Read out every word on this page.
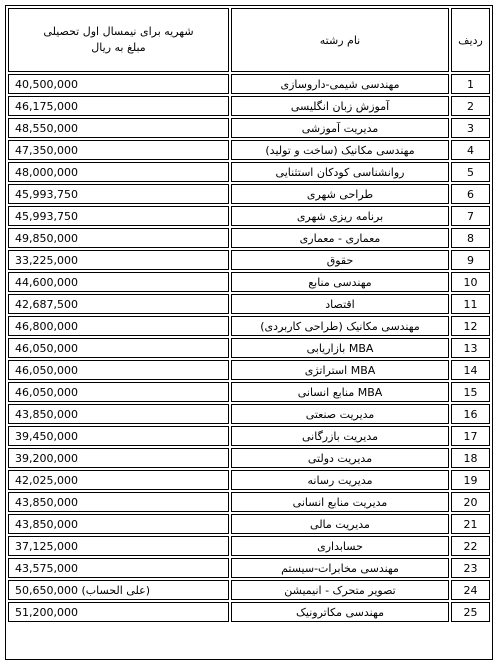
ردیف	نام رشته	شهریه برای نیمسال اول تحصیلی
مبلغ به ریال

1	مهندسی شیمی-داروسازی	40,500,000
2	آموزش زبان انگلیسی	46,175,000
3	مدیریت آموزشی	48,550,000
4	مهندسی مکانیک (ساخت و تولید)	47,350,000
5	روانشناسی کودکان استثنایی	48,000,000
6	طراحی شهری	45,993,750
7	برنامه ریزی شهری	45,993,750
8	معماری - معماری	49,850,000
9	حقوق	33,225,000
10	مهندسی منابع	44,600,000
11	اقتصاد	42,687,500
12	مهندسی مکانیک (طراحی کاربردی)	46,800,000
13	MBA بازاریابی	46,050,000
14	MBA استراتژی	46,050,000
15	MBA منابع انسانی	46,050,000
16	مدیریت صنعتی	43,850,000
17	مدیریت بازرگانی	39,450,000
18	مدیریت دولتی	39,200,000
19	مدیریت رسانه	42,025,000
20	مدیریت منابع انسانی	43,850,000
21	مدیریت مالی	43,850,000
22	حسابداری	37,125,000
23	مهندسی مخابرات-سیستم	43,575,000
24	تصویر متحرک - انیمیشن	50,650,000 (علی الحساب)
25	مهندسی مکاترونیک	51,200,000
